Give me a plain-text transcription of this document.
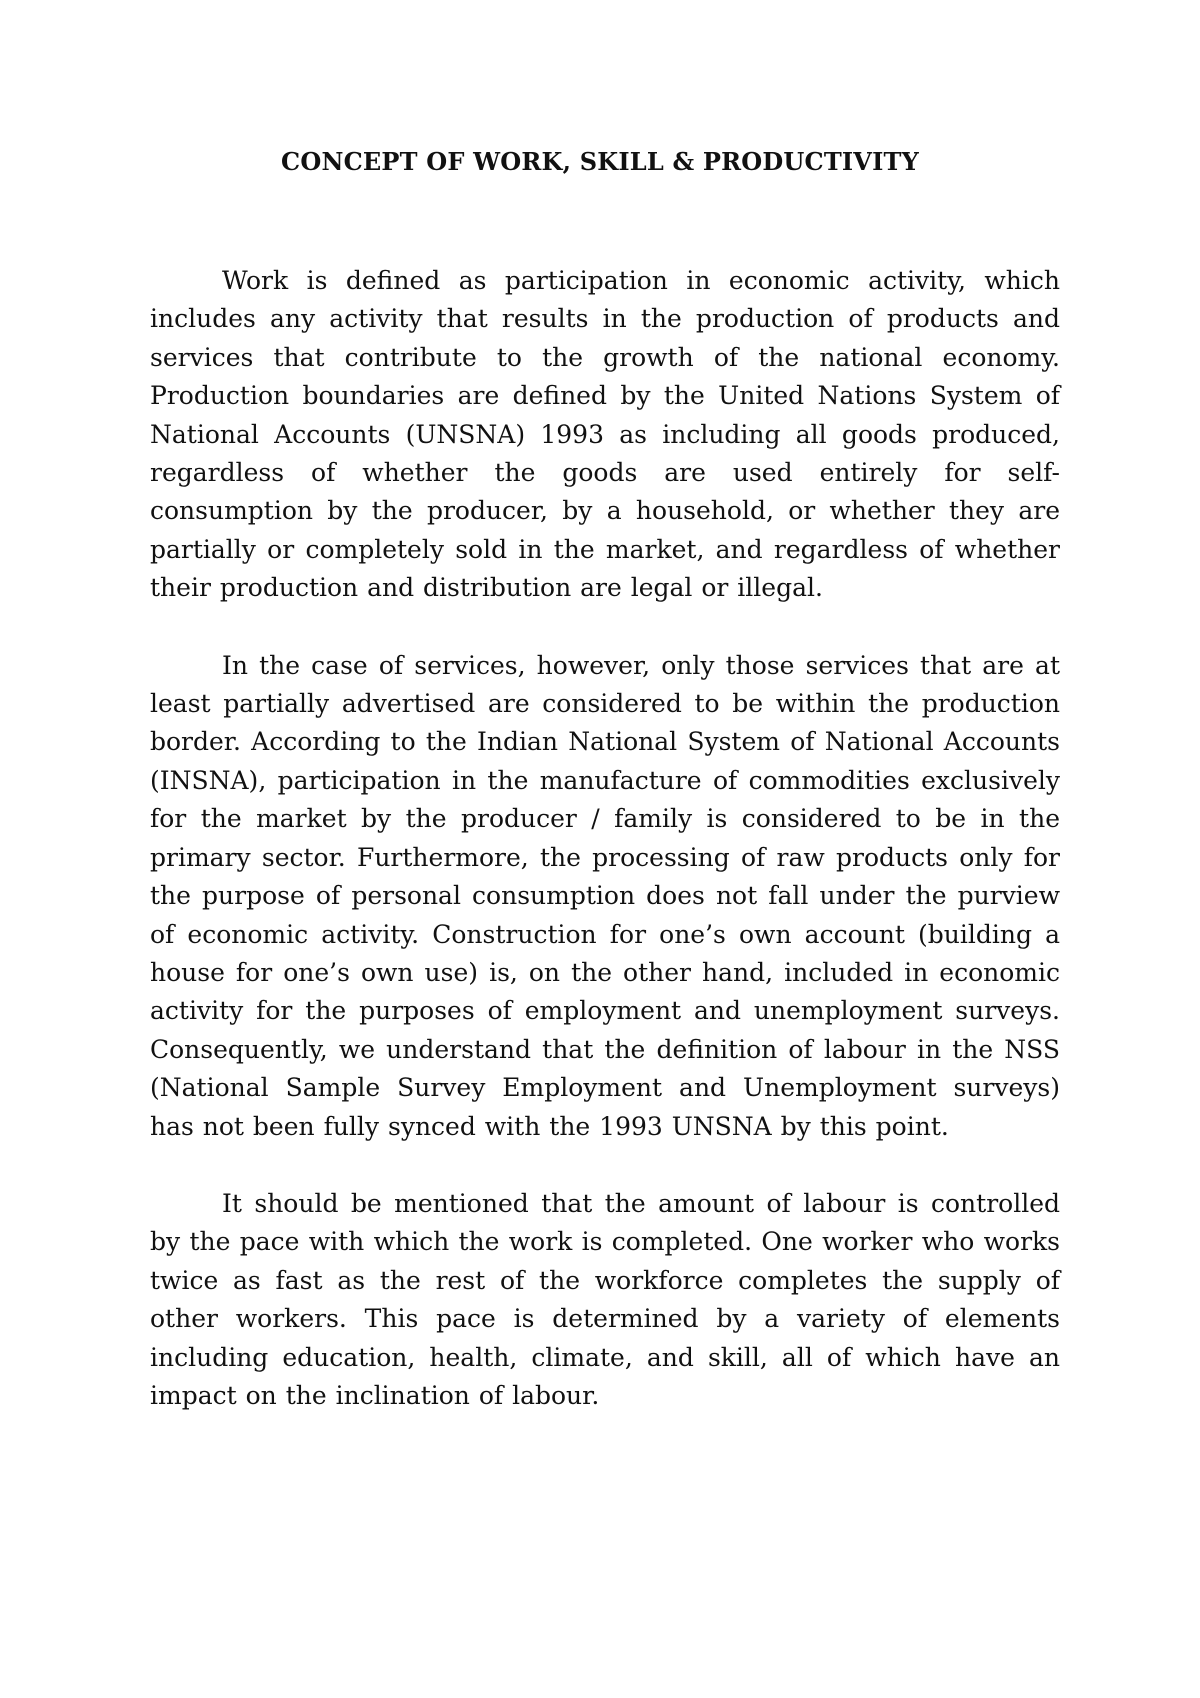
CONCEPT OF WORK, SKILL & PRODUCTIVITY

Work is defined as participation in economic activity, which includes any activity that results in the production of products and services that contribute to the growth of the national economy. Production boundaries are defined by the United Nations System of National Accounts (UNSNA) 1993 as including all goods produced, regardless of whether the goods are used entirely for self-consumption by the producer, by a household, or whether they are partially or completely sold in the market, and regardless of whether their production and distribution are legal or illegal.

In the case of services, however, only those services that are at least partially advertised are considered to be within the production border. According to the Indian National System of National Accounts (INSNA), participation in the manufacture of commodities exclusively for the market by the producer / family is considered to be in the primary sector. Furthermore, the processing of raw products only for the purpose of personal consumption does not fall under the purview of economic activity. Construction for one’s own account (building a house for one’s own use) is, on the other hand, included in economic activity for the purposes of employment and unemployment surveys. Consequently, we understand that the definition of labour in the NSS (National Sample Survey Employment and Unemployment surveys) has not been fully synced with the 1993 UNSNA by this point.

It should be mentioned that the amount of labour is controlled by the pace with which the work is completed. One worker who works twice as fast as the rest of the workforce completes the supply of other workers. This pace is determined by a variety of elements including education, health, climate, and skill, all of which have an impact on the inclination of labour.
